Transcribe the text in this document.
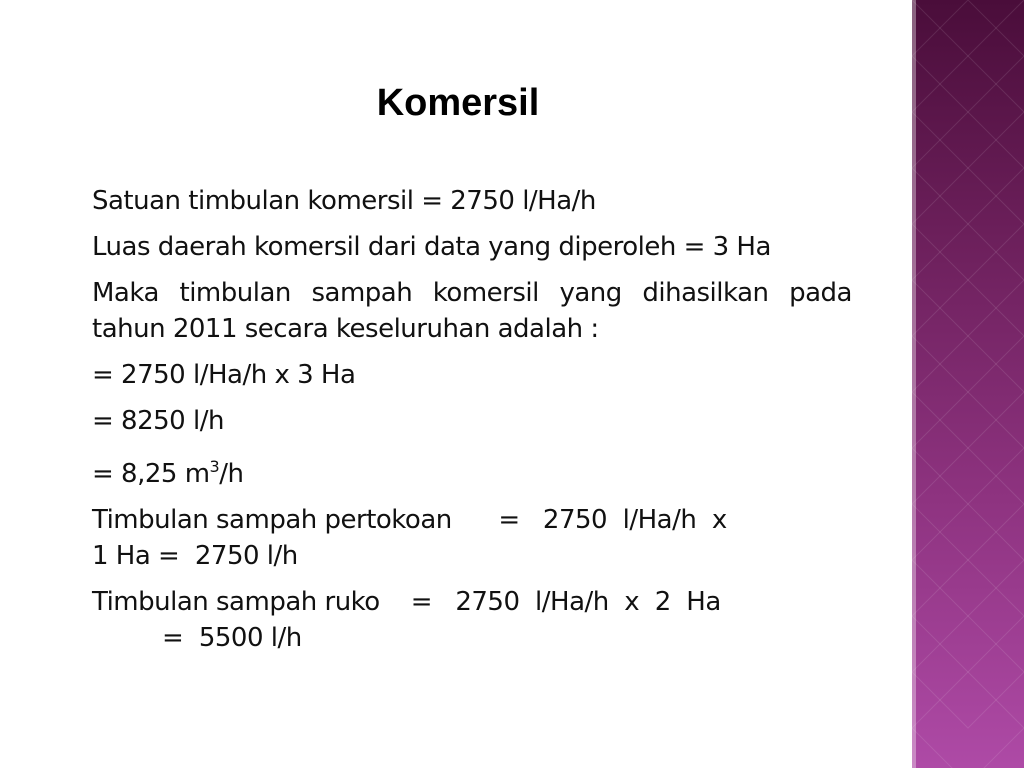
Komersil

Satuan timbulan komersil = 2750 l/Ha/h

Luas daerah komersil dari data yang diperoleh = 3 Ha

Maka timbulan sampah komersil yang dihasilkan pada tahun 2011 secara keseluruhan adalah :

= 2750 l/Ha/h x 3 Ha

= 8250 l/h

= 8,25 $m^3/h$

Timbulan sampah pertokoan      =   2750  l/Ha/h  x
1 Ha =  2750 l/h

Timbulan sampah ruko    =   2750  l/Ha/h  x  2  Ha
=  5500 l/h
